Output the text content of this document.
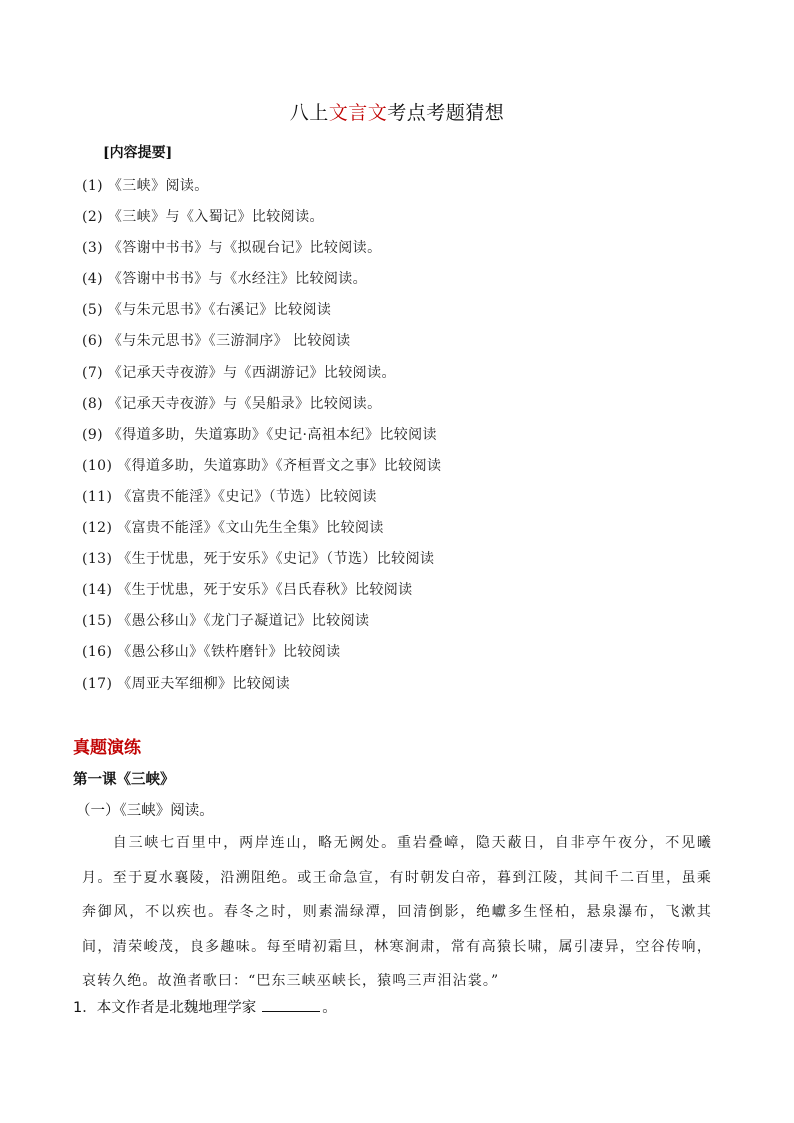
八上文言文考点考题猜想
[内容提要]
(1) 《三峡》阅读。
(2) 《三峡》与《入蜀记》比较阅读。
(3) 《答谢中书书》与《拟砚台记》比较阅读。
(4) 《答谢中书书》与《水经注》比较阅读。
(5) 《与朱元思书》《右溪记》比较阅读
(6) 《与朱元思书》《三游洞序》 比较阅读
(7) 《记承天寺夜游》与《西湖游记》比较阅读。
(8) 《记承天寺夜游》与《吴船录》比较阅读。
(9) 《得道多助，失道寡助》《史记·高祖本纪》比较阅读
(10) 《得道多助，失道寡助》《齐桓晋文之事》比较阅读
(11) 《富贵不能淫》《史记》（节选）比较阅读
(12) 《富贵不能淫》《文山先生全集》比较阅读
(13) 《生于忧患，死于安乐》《史记》（节选）比较阅读
(14) 《生于忧患，死于安乐》《吕氏春秋》比较阅读
(15) 《愚公移山》《龙门子凝道记》比较阅读
(16) 《愚公移山》《铁杵磨针》比较阅读
(17) 《周亚夫军细柳》比较阅读
真题演练
第一课《三峡》
（一）《三峡》阅读。

自三峡七百里中，两岸连山，略无阙处。重岩叠嶂，隐天蔽日，自非亭午夜分，不见曦月。至于夏水襄陵，沿溯阻绝。或王命急宣，有时朝发白帝，暮到江陵，其间千二百里，虽乘奔御风，不以疾也。春冬之时，则素湍绿潭，回清倒影，绝巘多生怪柏，悬泉瀑布，飞漱其间，清荣峻茂，良多趣味。每至晴初霜旦，林寒涧肃，常有高猿长啸，属引凄异，空谷传响，哀转久绝。故渔者歌曰：“巴东三峡巫峡长，猿鸣三声泪沾裳。”

1．本文作者是北魏地理学家	。
